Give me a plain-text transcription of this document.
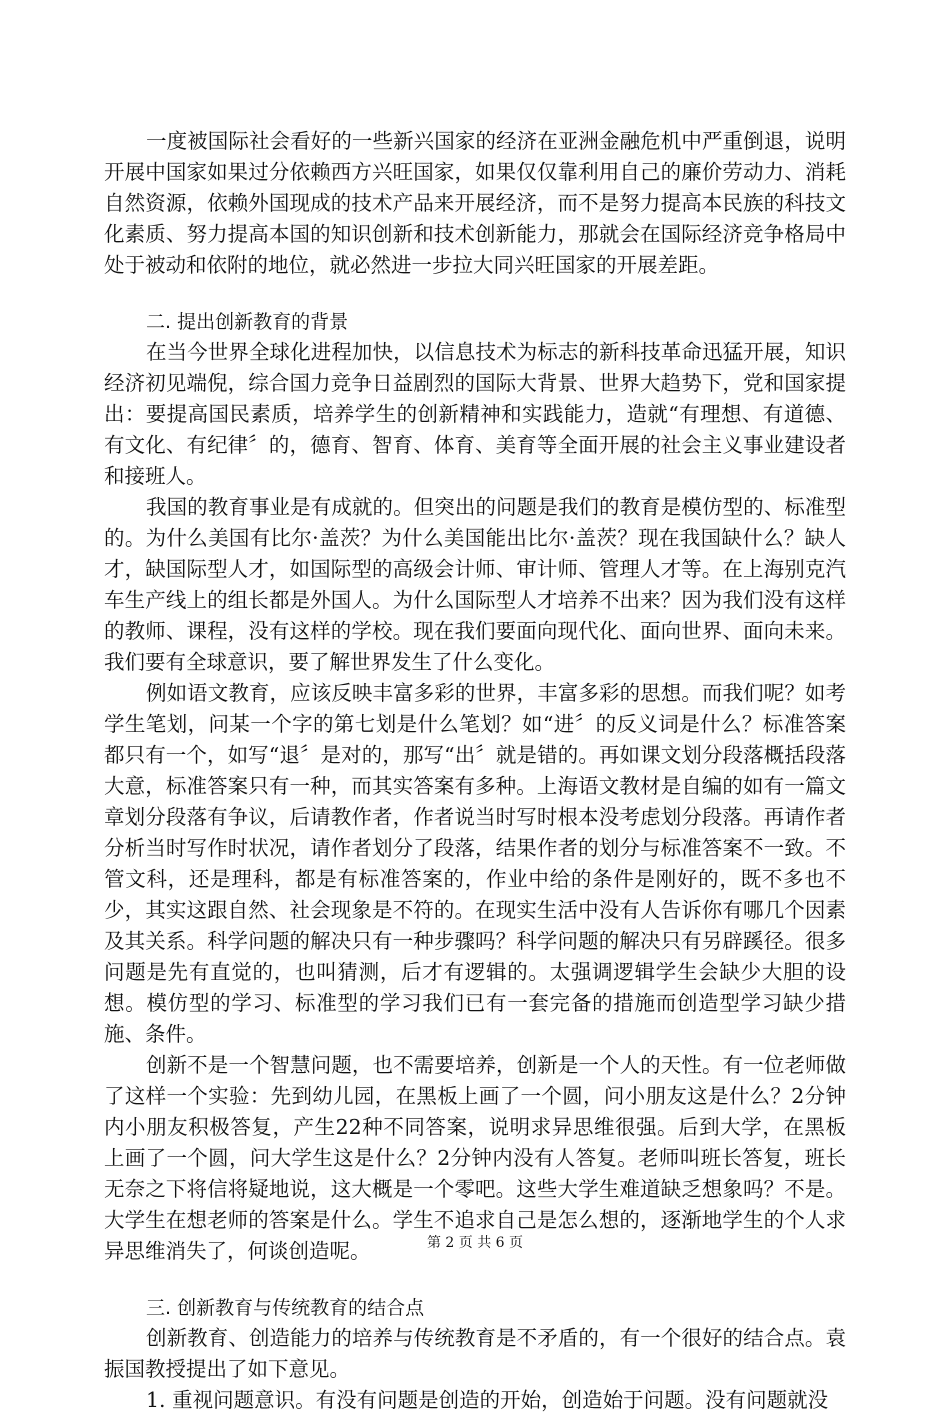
一度被国际社会看好的一些新兴国家的经济在亚洲金融危机中严重倒退，说明开展中国家如果过分依赖西方兴旺国家，如果仅仅靠利用自己的廉价劳动力、消耗自然资源，依赖外国现成的技术产品来开展经济，而不是努力提高本民族的科技文化素质、努力提高本国的知识创新和技术创新能力，那就会在国际经济竞争格局中处于被动和依附的地位，就必然进一步拉大同兴旺国家的开展差距。

二. 提出创新教育的背景

在当今世界全球化进程加快，以信息技术为标志的新科技革命迅猛开展，知识经济初见端倪，综合国力竞争日益剧烈的国际大背景、世界大趋势下，党和国家提出：要提高国民素质，培养学生的创新精神和实践能力，造就“有理想、有道德、有文化、有纪律〞的，德育、智育、体育、美育等全面开展的社会主义事业建设者和接班人。

我国的教育事业是有成就的。但突出的问题是我们的教育是模仿型的、标准型的。为什么美国有比尔·盖茨？为什么美国能出比尔·盖茨？现在我国缺什么？缺人才，缺国际型人才，如国际型的高级会计师、审计师、管理人才等。在上海别克汽车生产线上的组长都是外国人。为什么国际型人才培养不出来？因为我们没有这样的教师、课程，没有这样的学校。现在我们要面向现代化、面向世界、面向未来。我们要有全球意识，要了解世界发生了什么变化。

例如语文教育，应该反映丰富多彩的世界，丰富多彩的思想。而我们呢？如考学生笔划，问某一个字的第七划是什么笔划？如“进〞的反义词是什么？标准答案都只有一个，如写“退〞是对的，那写“出〞就是错的。再如课文划分段落概括段落大意，标准答案只有一种，而其实答案有多种。上海语文教材是自编的如有一篇文章划分段落有争议，后请教作者，作者说当时写时根本没考虑划分段落。再请作者分析当时写作时状况，请作者划分了段落，结果作者的划分与标准答案不一致。不管文科，还是理科，都是有标准答案的，作业中给的条件是刚好的，既不多也不少，其实这跟自然、社会现象是不符的。在现实生活中没有人告诉你有哪几个因素及其关系。科学问题的解决只有一种步骤吗？科学问题的解决只有另辟蹊径。很多问题是先有直觉的，也叫猜测，后才有逻辑的。太强调逻辑学生会缺少大胆的设想。模仿型的学习、标准型的学习我们已有一套完备的措施而创造型学习缺少措施、条件。

创新不是一个智慧问题，也不需要培养，创新是一个人的天性。有一位老师做了这样一个实验：先到幼儿园，在黑板上画了一个圆，问小朋友这是什么？2分钟内小朋友积极答复，产生22种不同答案，说明求异思维很强。后到大学，在黑板上画了一个圆，问大学生这是什么？2分钟内没有人答复。老师叫班长答复，班长无奈之下将信将疑地说，这大概是一个零吧。这些大学生难道缺乏想象吗？不是。大学生在想老师的答案是什么。学生不追求自己是怎么想的，逐渐地学生的个人求异思维消失了，何谈创造呢。

三. 创新教育与传统教育的结合点

创新教育、创造能力的培养与传统教育是不矛盾的，有一个很好的结合点。袁振国教授提出了如下意见。

1. 重视问题意识。有没有问题是创造的开始，创造始于问题。没有问题就没

第 2 页 共 6 页
